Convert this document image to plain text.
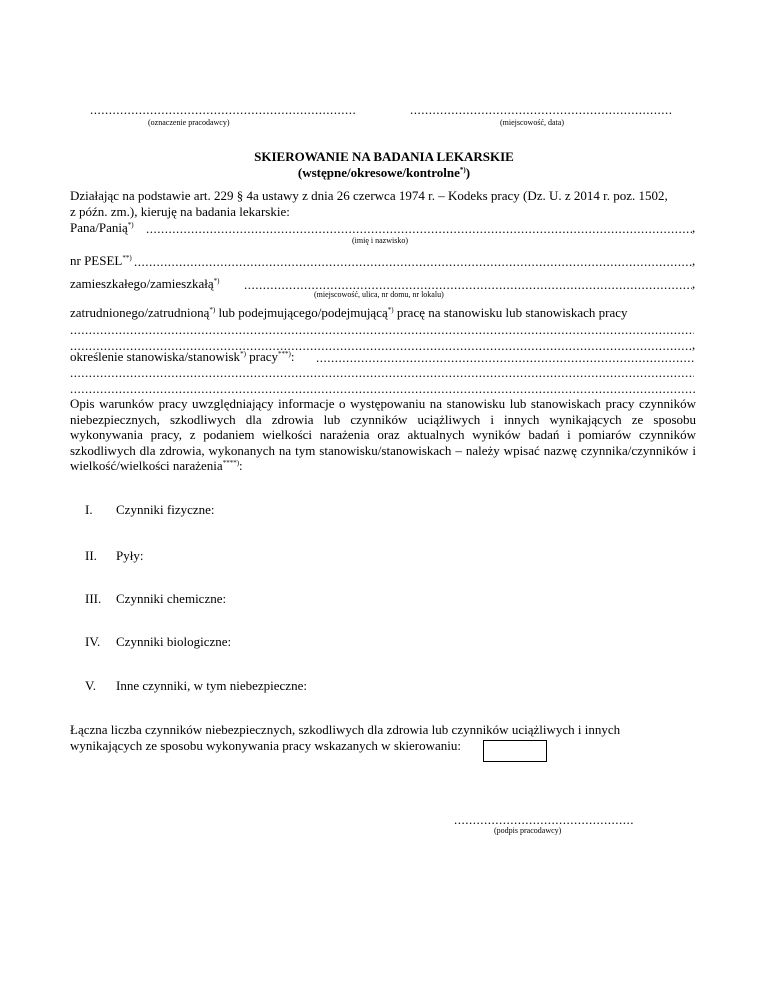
.....
(oznaczenie pracodawcy)
.....	(miejscowość, data)
SKIEROWANIE NA BADANIA LEKARSKIE
(wstępne/okresowe/kontrolne*))
Działając na podstawie art. 229 § 4a ustawy z dnia 26 czerwca 1974 r. – Kodeks pracy (Dz. U. z 2014 r. poz. 1502,
z późn. zm.), kieruję na badania lekarskie:
Pana/Panią*) .....	,
(imię i nazwisko)
nr PESEL**) .....	,
zamieszkałego/zamieszkałą*) .....	,
(miejscowość, ulica, nr domu, nr lokalu)
zatrudnionego/zatrudnioną*) lub podejmującego/podejmującą*) pracę na stanowisku lub stanowiskach pracy
.....
.....
,
określenie stanowiska/stanowisk*) pracy***):
.....
.....
.....
Opis warunków pracy uwzględniający informacje o występowaniu na stanowisku lub stanowiskach pracy czynników niebezpiecznych, szkodliwych dla zdrowia lub czynników uciążliwych i innych wynikających ze sposobu wykonywania pracy, z podaniem wielkości narażenia oraz aktualnych wyników badań i pomiarów czynników szkodliwych dla zdrowia, wykonanych na tym stanowisku/stanowiskach – należy wpisać nazwę czynnika/czynników i wielkość/wielkości narażenia****):
I. Czynniki fizyczne:
II. Pyły:
III. Czynniki chemiczne:
IV. Czynniki biologiczne:
V. Inne czynniki, w tym niebezpieczne:
Łączna liczba czynników niebezpiecznych, szkodliwych dla zdrowia lub czynników uciążliwych i innych
wynikających ze sposobu wykonywania pracy wskazanych w skierowaniu:
.....
(podpis pracodawcy)
